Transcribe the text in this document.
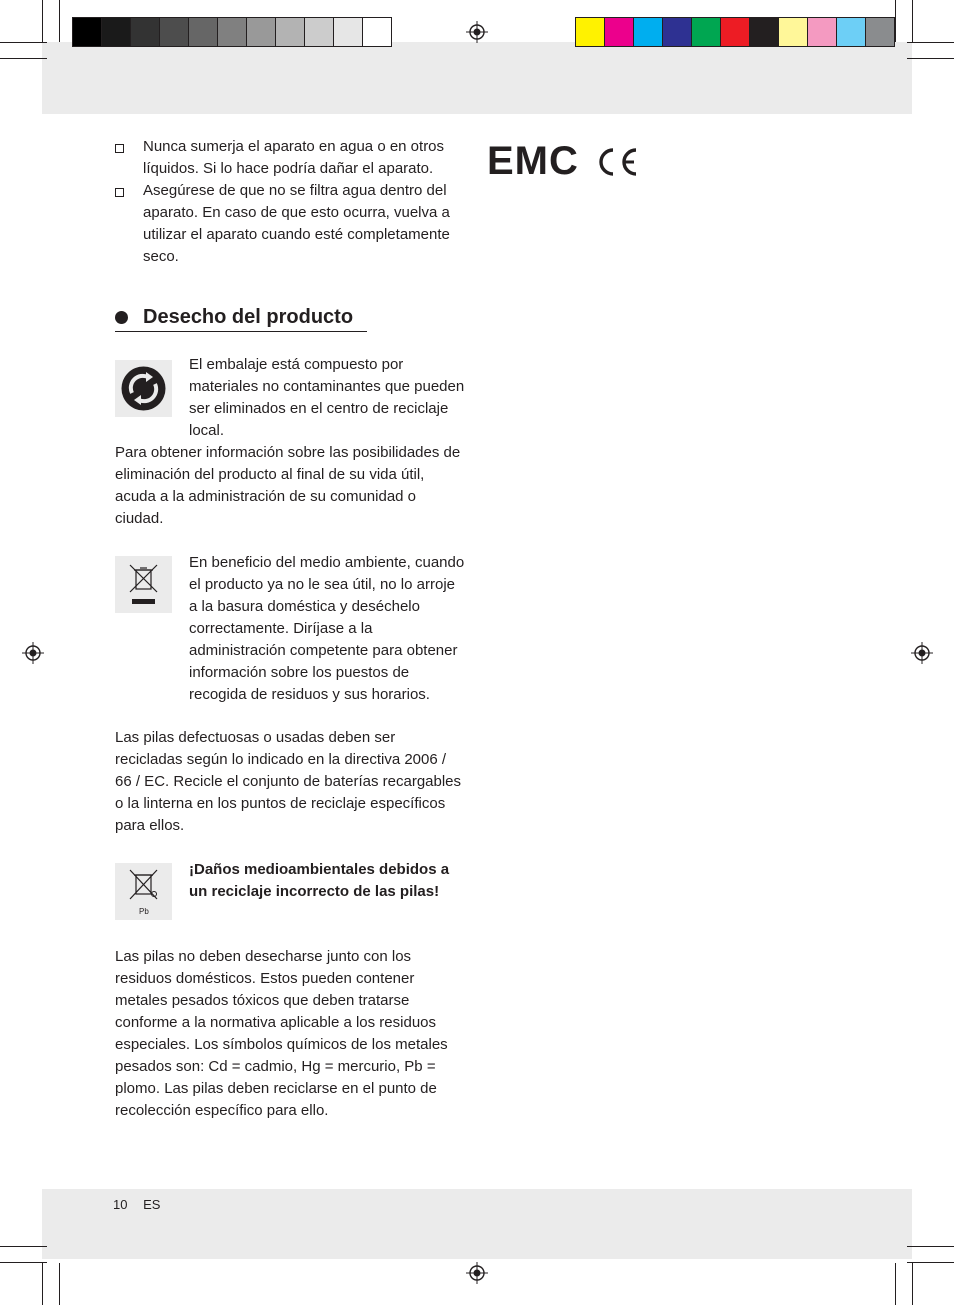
Nunca sumerja el aparato en agua o en otros líquidos. Si lo hace podría dañar el aparato.
Asegúrese de que no se filtra agua dentro del aparato. En caso de que esto ocurra, vuelva a utilizar el aparato cuando esté completamente seco.
Desecho del producto
El embalaje está compuesto por materiales no contaminantes que pueden ser eliminados en el centro de reciclaje local.
Para obtener información sobre las posibilidades de eliminación del producto al final de su vida útil, acuda a la administración de su comunidad o ciudad.
En beneficio del medio ambiente, cuando el producto ya no le sea útil, no lo arroje a la basura doméstica y deséchelo correctamente. Diríjase a la administración competente para obtener información sobre los puestos de recogida de residuos y sus horarios.
Las pilas defectuosas o usadas deben ser recicladas según lo indicado en la directiva 2006 / 66 / EC. Recicle el conjunto de baterías recargables o la linterna en los puntos de reciclaje específicos para ellos.
Pb
¡Daños medioambientales debidos a un reciclaje incorrecto de las pilas!
Las pilas no deben desecharse junto con los residuos domésticos. Estos pueden contener metales pesados tóxicos que deben tratarse conforme a la normativa aplicable a los residuos especiales. Los símbolos químicos de los metales pesados son: Cd = cadmio, Hg = mercurio, Pb = plomo. Las pilas deben reciclarse en el punto de recolección específico para ello.
EMC
10 ES
